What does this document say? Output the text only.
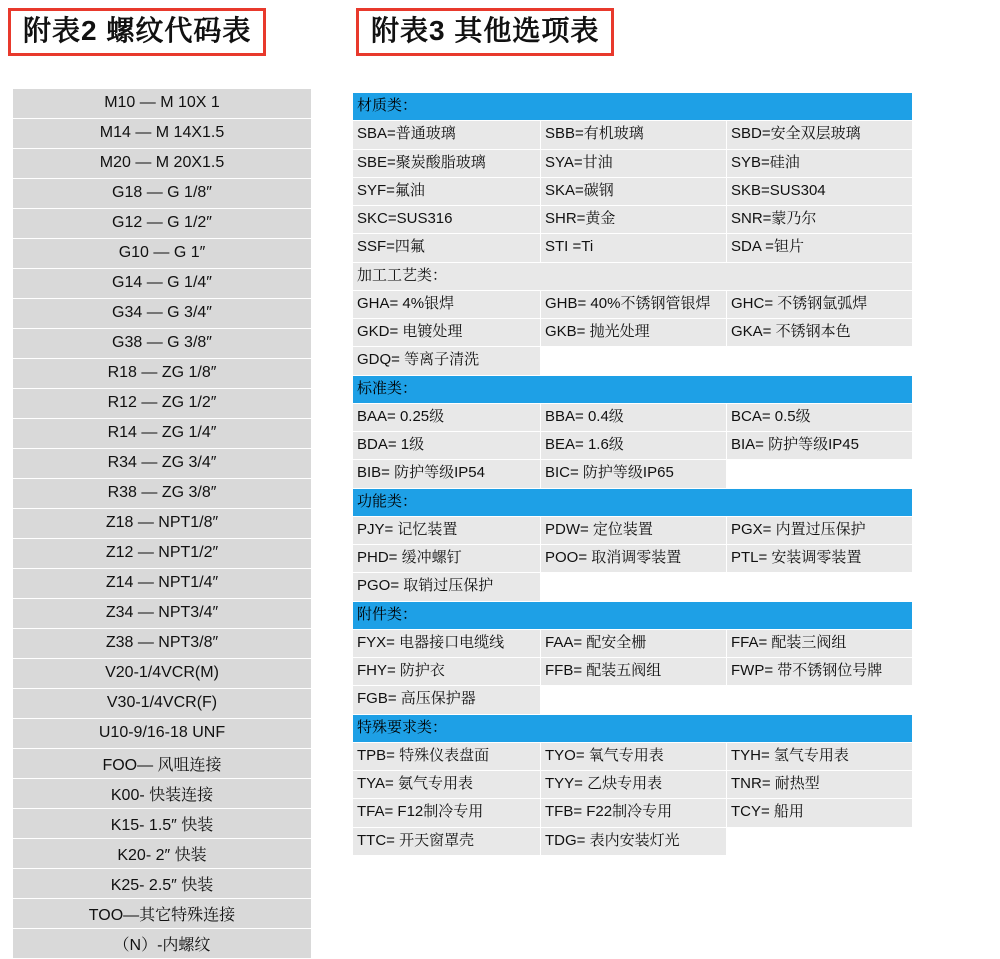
附表2 螺纹代码表
M10 — M 10X 1
M14 — M 14X1.5
M20 — M 20X1.5
G18 — G 1/8″
G12 — G 1/2″
G10 — G 1″
G14 — G 1/4″
G34 — G 3/4″
G38 — G 3/8″
R18 — ZG 1/8″
R12 — ZG 1/2″
R14 — ZG 1/4″
R34 — ZG 3/4″
R38 — ZG 3/8″
Z18 — NPT1/8″
Z12 — NPT1/2″
Z14 — NPT1/4″
Z34 — NPT3/4″
Z38 — NPT3/8″
V20-1/4VCR(M)
V30-1/4VCR(F)
U10-9/16-18 UNF
FOO— 风咀连接
K00- 快装连接
K15- 1.5″ 快装
K20- 2″ 快装
K25- 2.5″ 快装
TOO—其它特殊连接
（N）-内螺纹
附表3 其他选项表
材质类：		
SBA=普通玻璃	SBB=有机玻璃	SBD=安全双层玻璃
SBE=聚炭酸脂玻璃	SYA=甘油	SYB=硅油
SYF=氟油	SKA=碳钢	SKB=SUS304
SKC=SUS316	SHR=黄金	SNR=蒙乃尔
SSF=四氟	STI =Ti	SDA =钽片
加工工艺类：		
GHA= 4%银焊	GHB= 40%不锈钢管银焊	GHC= 不锈钢氩弧焊
GKD= 电镀处理	GKB= 抛光处理	GKA= 不锈钢本色
GDQ= 等离子清洗		
标准类：		
BAA= 0.25级	BBA= 0.4级	BCA= 0.5级
BDA= 1级	BEA= 1.6级	BIA= 防护等级IP45
BIB= 防护等级IP54	BIC= 防护等级IP65	
功能类：		
PJY= 记忆装置	PDW= 定位装置	PGX= 内置过压保护
PHD= 缓冲螺钉	POO= 取消调零装置	PTL= 安装调零装置
PGO= 取销过压保护		
附件类：		
FYX= 电器接口电缆线	FAA= 配安全栅	FFA= 配装三阀组
FHY= 防护衣	FFB= 配装五阀组	FWP= 带不锈钢位号牌
FGB= 高压保护器		
特殊要求类：		
TPB= 特殊仪表盘面	TYO= 氧气专用表	TYH= 氢气专用表
TYA= 氨气专用表	TYY= 乙炔专用表	TNR= 耐热型
TFA= F12制冷专用	TFB= F22制冷专用	TCY= 船用
TTC= 开天窗罩壳	TDG= 表内安装灯光	
